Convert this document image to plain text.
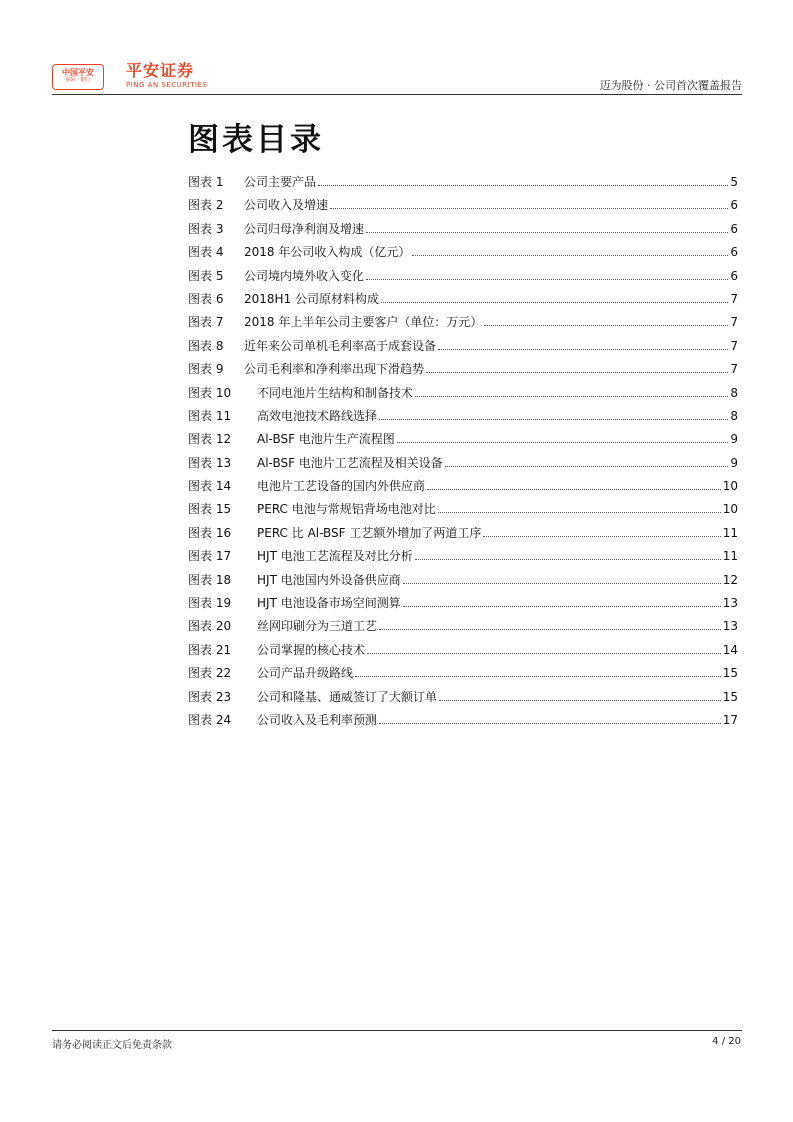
中国平安
保险 · 银行	平安证券
PING AN SECURITIES	迈为股份 · 公司首次覆盖报告
图表目录
图表 1	公司主要产品	5
图表 2	公司收入及增速	6
图表 3	公司归母净利润及增速	6
图表 4	2018 年公司收入构成（亿元）	6
图表 5	公司境内境外收入变化	6
图表 6	2018H1 公司原材料构成	7
图表 7	2018 年上半年公司主要客户（单位：万元）	7
图表 8	近年来公司单机毛利率高于成套设备	7
图表 9	公司毛利率和净利率出现下滑趋势	7
图表 10	不同电池片生结构和制备技术	8
图表 11	高效电池技术路线选择	8
图表 12	Al-BSF 电池片生产流程图	9
图表 13	Al-BSF 电池片工艺流程及相关设备	9
图表 14	电池片工艺设备的国内外供应商	10
图表 15	PERC 电池与常规铝背场电池对比	10
图表 16	PERC 比 Al-BSF 工艺额外增加了两道工序	11
图表 17	HJT 电池工艺流程及对比分析	11
图表 18	HJT 电池国内外设备供应商	12
图表 19	HJT 电池设备市场空间测算	13
图表 20	丝网印刷分为三道工艺	13
图表 21	公司掌握的核心技术	14
图表 22	公司产品升级路线	15
图表 23	公司和隆基、通威签订了大额订单	15
图表 24	公司收入及毛利率预测	17
请务必阅读正文后免责条款	4 / 20
